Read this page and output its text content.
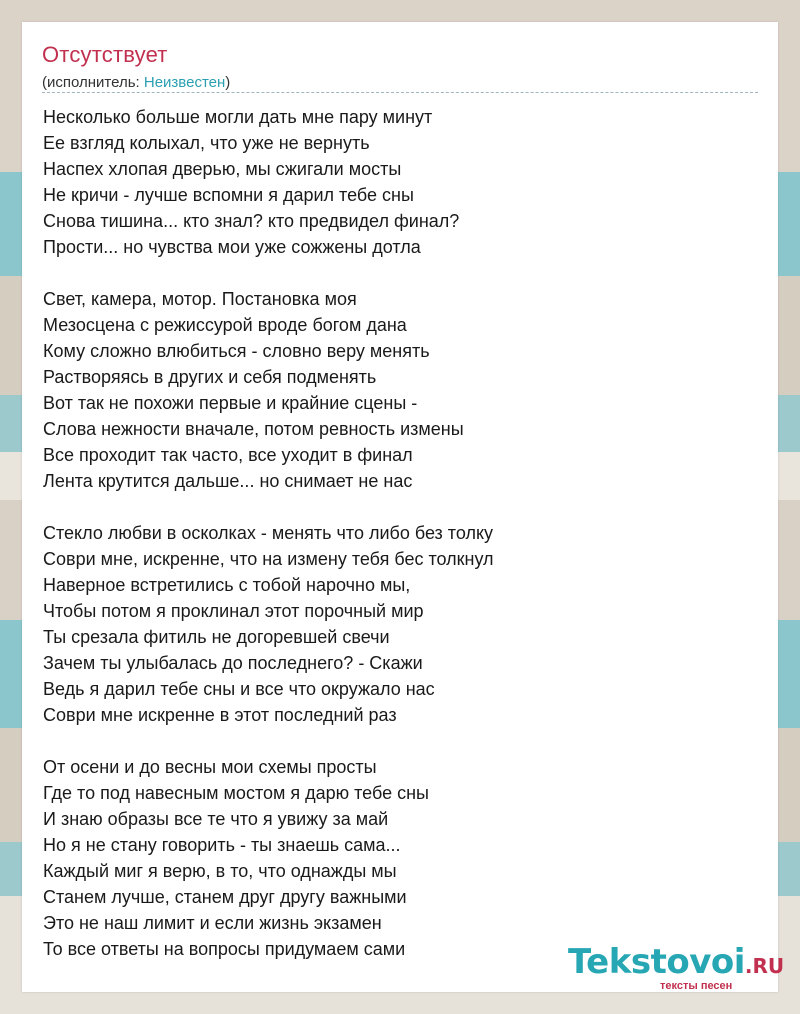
Отсутствует
(исполнитель: Неизвестен)
Несколько больше могли дать мне пару минут
Ее взгляд колыхал, что уже не вернуть
Наспех хлопая дверью, мы сжигали мосты
Не кричи - лучше вспомни я дарил тебе сны
Снова тишина... кто знал? кто предвидел финал?
Прости... но чувства мои уже сожжены дотла
Свет, камера, мотор. Постановка моя
Мезосцена с режиссурой вроде богом дана
Кому сложно влюбиться - словно веру менять
Растворяясь в других и себя подменять
Вот так не похожи первые и крайние сцены -
Слова нежности вначале, потом ревность измены
Все проходит так часто, все уходит в финал
Лента крутится дальше... но снимает не нас
Стекло любви в осколках - менять что либо без толку
Соври мне, искренне, что на измену тебя бес толкнул
Наверное встретились с тобой нарочно мы,
Чтобы потом я проклинал этот порочный мир
Ты срезала фитиль не догоревшей свечи
Зачем ты улыбалась до последнего? - Скажи
Ведь я дарил тебе сны и все что окружало нас
Соври мне искренне в этот последний раз
От осени и до весны мои схемы просты
Где то под навесным мостом я дарю тебе сны
И знаю образы все те что я увижу за май
Но я не стану говорить - ты знаешь сама...
Каждый миг я верю, в то, что однажды мы
Станем лучше, станем друг другу важными
Это не наш лимит и если жизнь экзамен
То все ответы на вопросы придумаем сами	Tekstovoi.RU
тексты песен
